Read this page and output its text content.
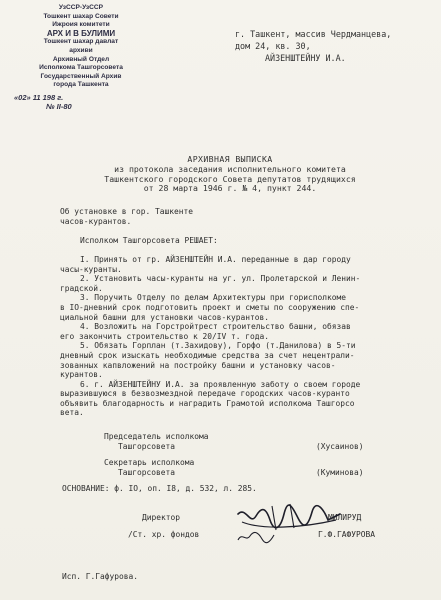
УзССР-УзССР
Тошкент шахар Совети
Ижроия комитети
АРХ И В БУЛИМИ
Тошкент шахар давлат
архиви
Архивный Отдел
Исполкома Ташгорсовета
Государственный Архив
города Ташкента
«02» 11 198 г.
№ II-80
г. Ташкент, массив Чердманцева,
дом 24, кв. 30,
АЙЗЕНШТЕЙНУ И.А.
АРХИВНАЯ ВЫПИСКА
из протокола заседания исполнительного комитета
Ташкентского городского Совета депутатов трудящихся
от 28 марта 1946 г. № 4, пункт 244.
Об установке в гор. Ташкенте
часов-курантов.
Исполком Ташгорсовета РЕШАЕТ:
I. Принять от гр. АЙЗЕНШТЕЙН И.А. переданные в дар городу
часы-куранты.
2. Установить часы-куранты на уг. ул. Пролетарской и Ленин-
градской.
3. Поручить Отделу по делам Архитектуры при горисполкоме
в IO-дневний срок подготовить проект и сметы по сооружению спе-
циальной башни для установки часов-курантов.
4. Возложить на Горстройтрест строительство башни, обязав
его закончить строительство к 20/IV т. года.
5. Обязать Горплан (т.Захидову), Горфо (т.Данилова) в 5-ти
дневный срок изыскать необходимые средства за счет нецентрали-
зованных капвложений на постройку башни и установку часов-
курантов.
6. г. АЙЗЕНШТЕЙНУ И.А. за проявленную заботу о своем городе
выразившуюся в безвозмездной передаче городских часов-куранто
объявить благодарность и наградить Грамотой исполкома Ташгорсо
вета.
Председатель исполкома
Ташгорсовета	(Хусаинов)
Секретарь исполкома
Ташгорсовета	(Куминова)
ОСНОВАНИЕ: ф. IO, оп. I8, д. 532, л. 285.
Директор	МИЛИРУД
/Ст. хр. фондов	Г.Ф.ГАФУРОВА
Исп. Г.Гафурова.
